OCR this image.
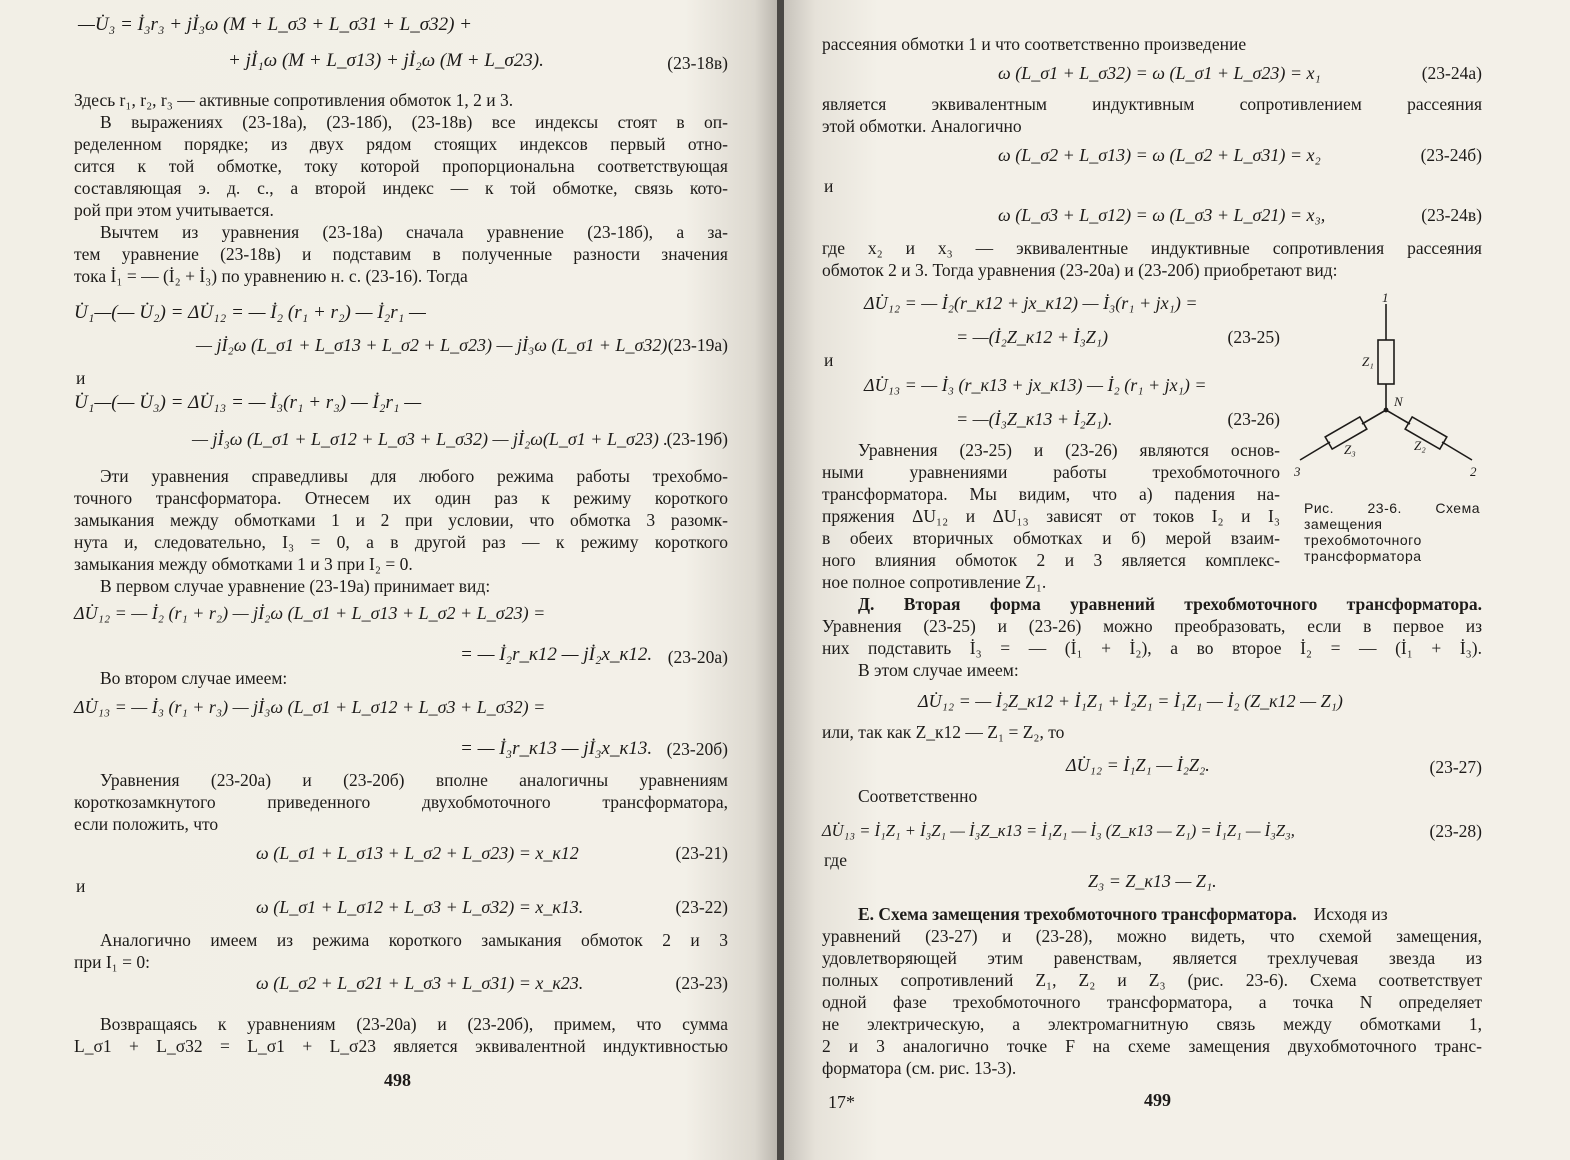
—U̇₃ = İ₃r₃ + jİ₃ω (M + L_σ3 + L_σ31 + L_σ32) +
+ jİ₁ω (M + L_σ13) + jİ₂ω (M + L_σ23).	(23-18в)
Здесь r₁, r₂, r₃ — активные сопротивления обмоток 1, 2 и 3.
В выражениях (23-18а), (23-18б), (23-18в) все индексы стоят в оп-
ределенном порядке; из двух рядом стоящих индексов первый отно-
сится к той обмотке, току которой пропорциональна соответствующая
составляющая э. д. с., а второй индекс — к той обмотке, связь кото-
рой при этом учитывается.
Вычтем из уравнения (23-18а) сначала уравнение (23-18б), а за-
тем уравнение (23-18в) и подставим в полученные разности значения
тока İ₁ = — (İ₂ + İ₃) по уравнению н. с. (23-16). Тогда
U̇₁—(— U̇₂) = ΔU̇₁₂ = — İ₂ (r₁ + r₂) — İ₂r₁ —
— jİ₂ω (L_σ1 + L_σ13 + L_σ2 + L_σ23) — jİ₃ω (L_σ1 + L_σ32) (23-19а)
и
U̇₁—(— U̇₃) = ΔU̇₁₃ = — İ₃(r₁ + r₃) — İ₂r₁ —
— jİ₃ω (L_σ1 + L_σ12 + L_σ3 + L_σ32) — jİ₂ω(L_σ1 + L_σ23) .
(23-19б)
Эти уравнения справедливы для любого режима работы трехобмо-
точного трансформатора. Отнесем их один раз к режиму короткого
замыкания между обмотками 1 и 2 при условии, что обмотка 3 разомк-
нута и, следовательно, I₃ = 0, а в другой раз — к режиму короткого
замыкания между обмотками 1 и 3 при I₂ = 0.
В первом случае уравнение (23-19а) принимает вид:
ΔU̇₁₂ = — İ₂ (r₁ + r₂) — jİ₂ω (L_σ1 + L_σ13 + L_σ2 + L_σ23) =
= — İ₂r_к12 — jİ₂x_к12. (23-20а)
Во втором случае имеем:
ΔU̇₁₃ = — İ₃ (r₁ + r₃) — jİ₃ω (L_σ1 + L_σ12 + L_σ3 + L_σ32) =
= — İ₃r_к13 — jİ₃x_к13. (23-20б)
Уравнения (23-20а) и (23-20б) вполне аналогичны уравнениям
короткозамкнутого приведенного двухобмоточного трансформатора,
если положить, что
ω (L_σ1 + L_σ13 + L_σ2 + L_σ23) = x_к12	(23-21)
и
ω (L_σ1 + L_σ12 + L_σ3 + L_σ32) = x_к13.	(23-22)
Аналогично имеем из режима короткого замыкания обмоток 2 и 3
при I₁ = 0:
ω (L_σ2 + L_σ21 + L_σ3 + L_σ31) = x_к23.	(23-23)
Возвращаясь к уравнениям (23-20а) и (23-20б), примем, что сумма
L_σ1 + L_σ32 = L_σ1 + L_σ23 является эквивалентной индуктивностью
498
рассеяния обмотки 1 и что соответственно произведение
ω (L_σ1 + L_σ32) = ω (L_σ1 + L_σ23) = x₁	(23-24а)
является эквивалентным индуктивным сопротивлением рассеяния
этой обмотки. Аналогично
ω (L_σ2 + L_σ13) = ω (L_σ2 + L_σ31) = x₂	(23-24б)
и
ω (L_σ3 + L_σ12) = ω (L_σ3 + L_σ21) = x₃,	(23-24в)
где x₂ и x₃ — эквивалентные индуктивные сопротивления рассеяния
обмоток 2 и 3. Тогда уравнения (23-20а) и (23-20б) приобретают вид:
ΔU̇₁₂ = — İ₂(r_к12 + jx_к12) — İ₃(r₁ + jx₁) =
= —(İ₂Z_к12 + İ₃Z₁)	(23-25)
и
ΔU̇₁₃ = — İ₃ (r_к13 + jx_к13) — İ₂ (r₁ + jx₁) =
= —(İ₃Z_к13 + İ₂Z₁).	(23-26)
Уравнения (23-25) и (23-26) являются основ-
ными уравнениями работы трехобмоточного
трансформатора. Мы видим, что а) падения на-
пряжения ΔU₁₂ и ΔU₁₃ зависят от токов I₂ и I₃
в обеих вторичных обмотках и б) мерой взаим-
ного влияния обмоток 2 и 3 является комплекс-
ное полное сопротивление Z₁.
1
Z₁
N
Z₃	Z₂
3	2
Рис. 23-6. Схема замещения трехобмоточного трансформатора
Д. Вторая форма уравнений трехобмоточного трансформатора.
Уравнения (23-25) и (23-26) можно преобразовать, если в первое из
них подставить İ₃ = — (İ₁ + İ₂), а во второе İ₂ = — (İ₁ + İ₃).
В этом случае имеем:
ΔU̇₁₂ = — İ₂Z_к12 + İ₁Z₁ + İ₂Z₁ = İ₁Z₁ — İ₂ (Z_к12 — Z₁)
или, так как Z_к12 — Z₁ = Z₂, то
ΔU̇₁₂ = İ₁Z₁ — İ₂Z₂.	(23-27)
Соответственно
ΔU̇₁₃ = İ₁Z₁ + İ₃Z₁ — İ₃Z_к13 = İ₁Z₁ — İ₃ (Z_к13 — Z₁) = İ₁Z₁ — İ₃Z₃,	(23-28)
где
Z₃ = Z_к13 — Z₁.
Е. Схема замещения трехобмоточного трансформатора. Исходя из
уравнений (23-27) и (23-28), можно видеть, что схемой замещения,
удовлетворяющей этим равенствам, является трехлучевая звезда из
полных сопротивлений Z₁, Z₂ и Z₃ (рис. 23-6). Схема соответствует
одной фазе трехобмоточного трансформатора, а точка N определяет
не электрическую, а электромагнитную связь между обмотками 1,
2 и 3 аналогично точке F на схеме замещения двухобмоточного транс-
форматора (см. рис. 13-3).
17*	499
